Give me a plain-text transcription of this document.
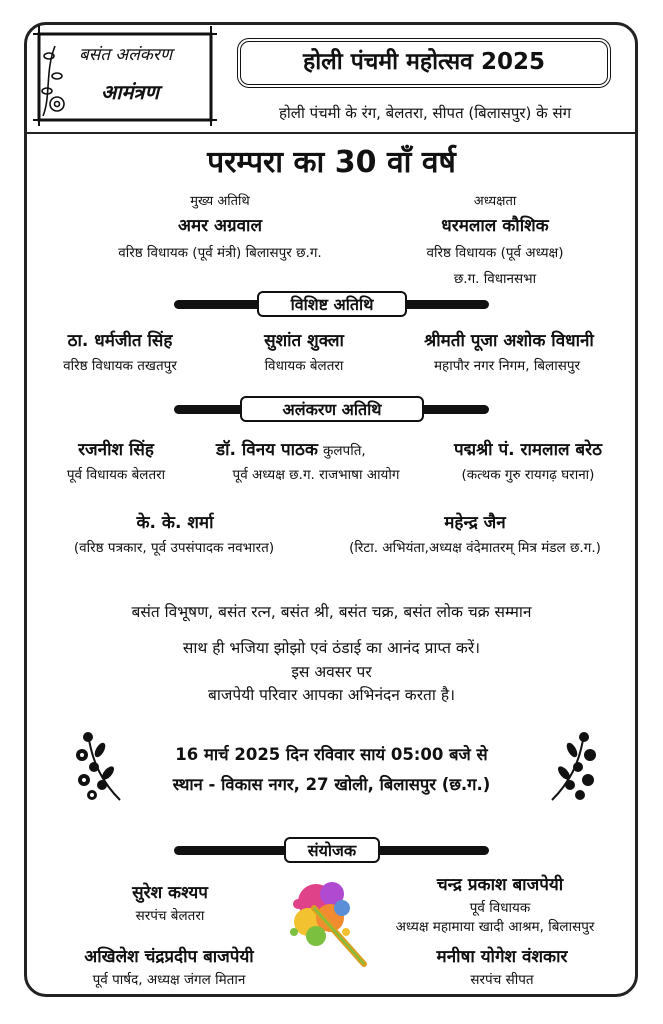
बसंत अलंकरण
आमंत्रण
होली पंचमी महोत्सव 2025
होली पंचमी के रंग, बेलतरा, सीपत (बिलासपुर) के संग
परम्परा का 30 वाँ वर्ष
मुख्य अतिथि
अमर अग्रवाल
वरिष्ठ विधायक (पूर्व मंत्री) बिलासपुर छ.ग.
अध्यक्षता
धरमलाल कौशिक
वरिष्ठ विधायक (पूर्व अध्यक्ष)
छ.ग. विधानसभा
विशिष्ट अतिथि
ठा. धर्मजीत सिंह
वरिष्ठ विधायक तखतपुर
सुशांत शुक्ला
विधायक बेलतरा
श्रीमती पूजा अशोक विधानी
महापौर नगर निगम, बिलासपुर
अलंकरण अतिथि
रजनीश सिंह
पूर्व विधायक बेलतरा
डॉ. विनय पाठक कुलपति,
पूर्व अध्यक्ष छ.ग. राजभाषा आयोग
पद्मश्री पं. रामलाल बरेठ
(कत्थक गुरु रायगढ़ घराना)
के. के. शर्मा
(वरिष्ठ पत्रकार, पूर्व उपसंपादक नवभारत)
महेन्द्र जैन
(रिटा. अभियंता,अध्यक्ष वंदेमातरम् मित्र मंडल छ.ग.)
बसंत विभूषण, बसंत रत्न, बसंत श्री, बसंत चक्र, बसंत लोक चक्र सम्मान
साथ ही भजिया झोझो एवं ठंडाई का आनंद प्राप्त करें।
इस अवसर पर
बाजपेयी परिवार आपका अभिनंदन करता है।
16 मार्च 2025 दिन रविवार सायं 05:00 बजे से
स्थान - विकास नगर, 27 खोली, बिलासपुर (छ.ग.)
संयोजक
सुरेश कश्यप
सरपंच बेलतरा
चन्द्र प्रकाश बाजपेयी
पूर्व विधायक
अध्यक्ष महामाया खादी आश्रम, बिलासपुर
अखिलेश चंद्रप्रदीप बाजपेयी
पूर्व पार्षद, अध्यक्ष जंगल मितान
मनीषा योगेश वंशकार
सरपंच सीपत
